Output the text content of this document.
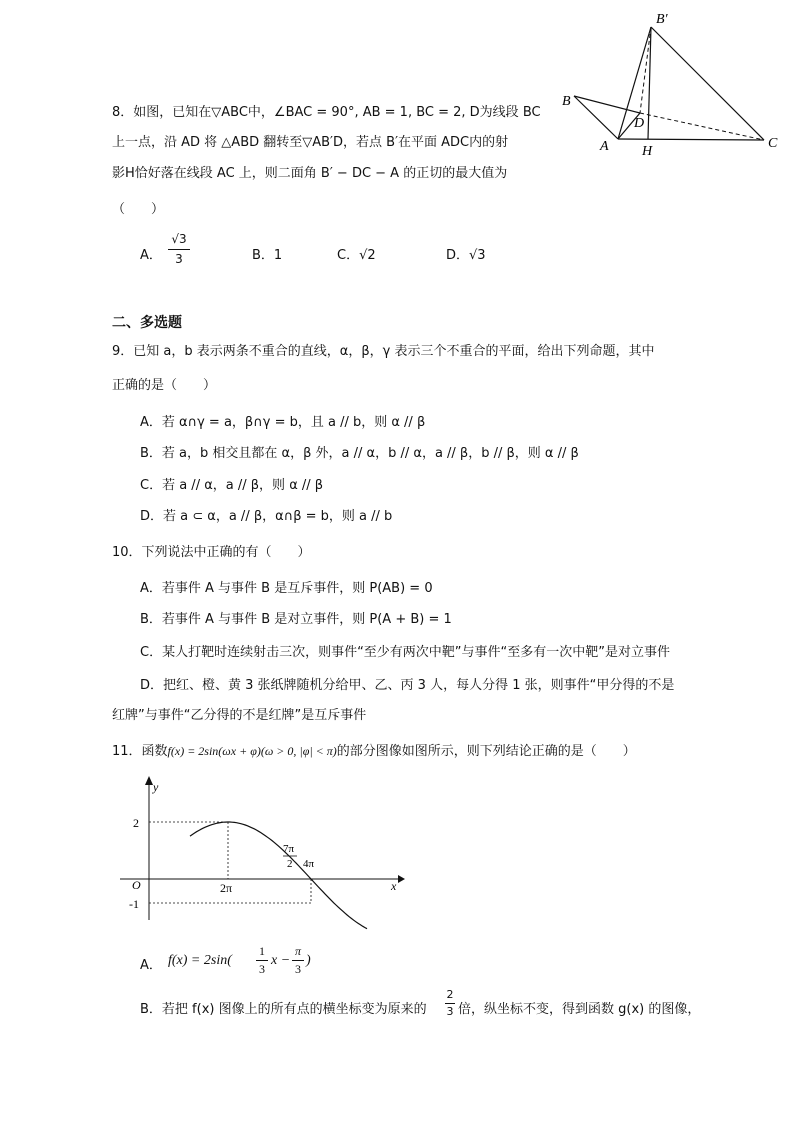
B′
B
A
D
H
C
8．如图，已知在▽ABC中，∠BAC = 90°, AB = 1, BC = 2, D为线段 BC
上一点，沿 AD 将 △ABD 翻转至▽AB′D，若点 B′在平面 ADC内的射
影H恰好落在线段 AC 上，则二面角 B′ − DC − A 的正切的最大值为
（　　）
A．
√3
3	B．1	C．√2	D．√3
二、多选题
9．已知 a，b 表示两条不重合的直线，α，β，γ 表示三个不重合的平面，给出下列命题，其中
正确的是（　　）
A．若 α∩γ = a，β∩γ = b，且 a // b，则 α // β
B．若 a，b 相交且都在 α，β 外，a // α，b // α，a // β，b // β，则 α // β
C．若 a // α，a // β，则 α // β
D．若 a ⊂ α，a // β，α∩β = b，则 a // b
10．下列说法中正确的有（　　）
A．若事件 A 与事件 B 是互斥事件，则 P(AB) = 0
B．若事件 A 与事件 B 是对立事件，则 P(A + B) = 1
C．某人打靶时连续射击三次，则事件“至少有两次中靶”与事件“至多有一次中靶”是对立事件
D．把红、橙、黄 3 张纸牌随机分给甲、乙、丙 3 人，每人分得 1 张，则事件“甲分得的不是
红牌”与事件“乙分得的不是红牌”是互斥事件
11．函数f(x) = 2sin(ωx + φ)(ω > 0, |φ| < π)的部分图像如图所示，则下列结论正确的是（　　）
y
x
O
2
-1
2π
7π
2 4π
A． f(x) = 2sin(
1
3
x −
π
3
)
B．若把 f(x) 图像上的所有点的横坐标变为原来的
2
3 倍，纵坐标不变，得到函数 g(x) 的图像，
